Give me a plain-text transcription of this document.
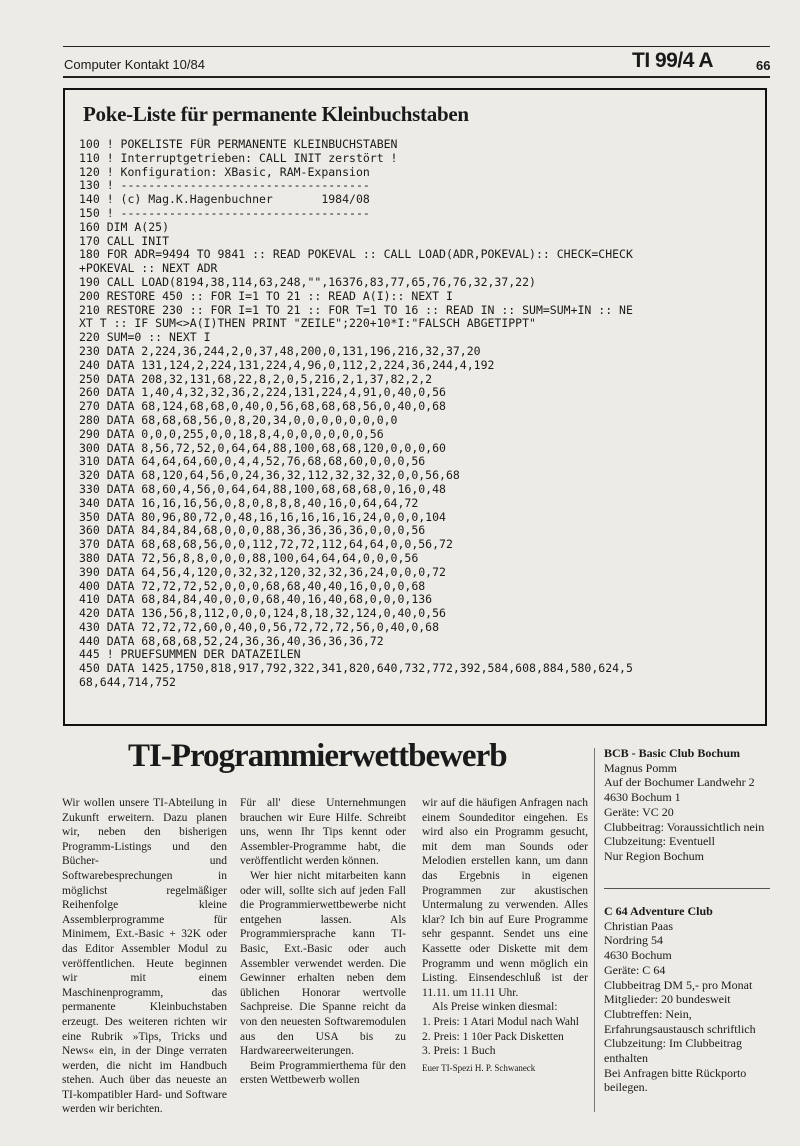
Computer Kontakt 10/84	TI 99/4 A	66
Poke-Liste für permanente Kleinbuchstaben
100 ! POKELISTE FÜR PERMANENTE KLEINBUCHSTABEN
110 ! Interruptgetrieben: CALL INIT zerstört !
120 ! Konfiguration: XBasic, RAM-Expansion
130 ! ------------------------------------
140 ! (c) Mag.K.Hagenbuchner       1984/08
150 ! ------------------------------------
160 DIM A(25)
170 CALL INIT
180 FOR ADR=9494 TO 9841 :: READ POKEVAL :: CALL LOAD(ADR,POKEVAL):: CHECK=CHECK
+POKEVAL :: NEXT ADR
190 CALL LOAD(8194,38,114,63,248,"",16376,83,77,65,76,76,32,37,22)
200 RESTORE 450 :: FOR I=1 TO 21 :: READ A(I):: NEXT I
210 RESTORE 230 :: FOR I=1 TO 21 :: FOR T=1 TO 16 :: READ IN :: SUM=SUM+IN :: NE
XT T :: IF SUM<>A(I)THEN PRINT "ZEILE";220+10*I:"FALSCH ABGETIPPT"
220 SUM=0 :: NEXT I
230 DATA 2,224,36,244,2,0,37,48,200,0,131,196,216,32,37,20
240 DATA 131,124,2,224,131,224,4,96,0,112,2,224,36,244,4,192
250 DATA 208,32,131,68,22,8,2,0,5,216,2,1,37,82,2,2
260 DATA 1,40,4,32,32,36,2,224,131,224,4,91,0,40,0,56
270 DATA 68,124,68,68,0,40,0,56,68,68,68,56,0,40,0,68
280 DATA 68,68,68,56,0,8,20,34,0,0,0,0,0,0,0,0
290 DATA 0,0,0,255,0,0,18,8,4,0,0,0,0,0,0,56
300 DATA 8,56,72,52,0,64,64,88,100,68,68,120,0,0,0,60
310 DATA 64,64,64,60,0,4,4,52,76,68,68,60,0,0,0,56
320 DATA 68,120,64,56,0,24,36,32,112,32,32,32,0,0,56,68
330 DATA 68,60,4,56,0,64,64,88,100,68,68,68,0,16,0,48
340 DATA 16,16,16,56,0,8,0,8,8,8,40,16,0,64,64,72
350 DATA 80,96,80,72,0,48,16,16,16,16,16,24,0,0,0,104
360 DATA 84,84,84,68,0,0,0,88,36,36,36,36,0,0,0,56
370 DATA 68,68,68,56,0,0,112,72,72,112,64,64,0,0,56,72
380 DATA 72,56,8,8,0,0,0,88,100,64,64,64,0,0,0,56
390 DATA 64,56,4,120,0,32,32,120,32,32,36,24,0,0,0,72
400 DATA 72,72,72,52,0,0,0,68,68,40,40,16,0,0,0,68
410 DATA 68,84,84,40,0,0,0,68,40,16,40,68,0,0,0,136
420 DATA 136,56,8,112,0,0,0,124,8,18,32,124,0,40,0,56
430 DATA 72,72,72,60,0,40,0,56,72,72,72,56,0,40,0,68
440 DATA 68,68,68,52,24,36,36,40,36,36,36,72
445 ! PRUEFSUMMEN DER DATAZEILEN
450 DATA 1425,1750,818,917,792,322,341,820,640,732,772,392,584,608,884,580,624,5
68,644,714,752
TI-Programmierwettbewerb

Wir wollen unsere TI-Abteilung in Zukunft erweitern. Dazu planen wir, neben den bisherigen Programm-Listings und den Bücher- und Softwarebesprechungen in möglichst regelmäßiger Reihenfolge kleine Assemblerprogramme für Minimem, Ext.-Basic + 32K oder das Editor Assembler Modul zu veröffentlichen. Heute beginnen wir mit einem Maschinenprogramm, das permanente Kleinbuchstaben erzeugt. Des weiteren richten wir eine Rubrik »Tips, Tricks und News« ein, in der Dinge verraten werden, die nicht im Handbuch stehen. Auch über das neueste an TI-kompatibler Hard- und Software werden wir berichten.

Für all' diese Unternehmungen brauchen wir Eure Hilfe. Schreibt uns, wenn Ihr Tips kennt oder Assembler-Programme habt, die veröffentlicht werden können.

Wer hier nicht mitarbeiten kann oder will, sollte sich auf jeden Fall die Programmierwettbewerbe nicht entgehen lassen. Als Programmiersprache kann TI-Basic, Ext.-Basic oder auch Assembler verwendet werden. Die Gewinner erhalten neben dem üblichen Honorar wertvolle Sachpreise. Die Spanne reicht da von den neuesten Softwaremodulen aus den USA bis zu Hardwareerweiterungen.

Beim Programmierthema für den ersten Wettbewerb wollen

wir auf die häufigen Anfragen nach einem Soundeditor eingehen. Es wird also ein Programm gesucht, mit dem man Sounds oder Melodien erstellen kann, um dann das Ergebnis in eigenen Programmen zur akustischen Untermalung zu verwenden. Alles klar? Ich bin auf Eure Programme sehr gespannt. Sendet uns eine Kassette oder Diskette mit dem Programm und wenn möglich ein Listing. Einsendeschluß ist der 11.11. um 11.11 Uhr.

Als Preise winken diesmal:

1. Preis: 1 Atari Modul nach Wahl

2. Preis: 1 10er Pack Disketten

3. Preis: 1 Buch

Euer TI-Spezi H. P. Schwaneck

BCB - Basic Club Bochum
Magnus Pomm
Auf der Bochumer Landwehr 2
4630 Bochum 1
Geräte: VC 20
Clubbeitrag: Voraussichtlich nein
Clubzeitung: Eventuell
Nur Region Bochum
C 64 Adventure Club
Christian Paas
Nordring 54
4630 Bochum
Geräte: C 64
Clubbeitrag DM 5,- pro Monat
Mitglieder: 20 bundesweit
Clubtreffen: Nein, Erfahrungsaustausch schriftlich
Clubzeitung: Im Clubbeitrag enthalten
Bei Anfragen bitte Rückporto beilegen.
